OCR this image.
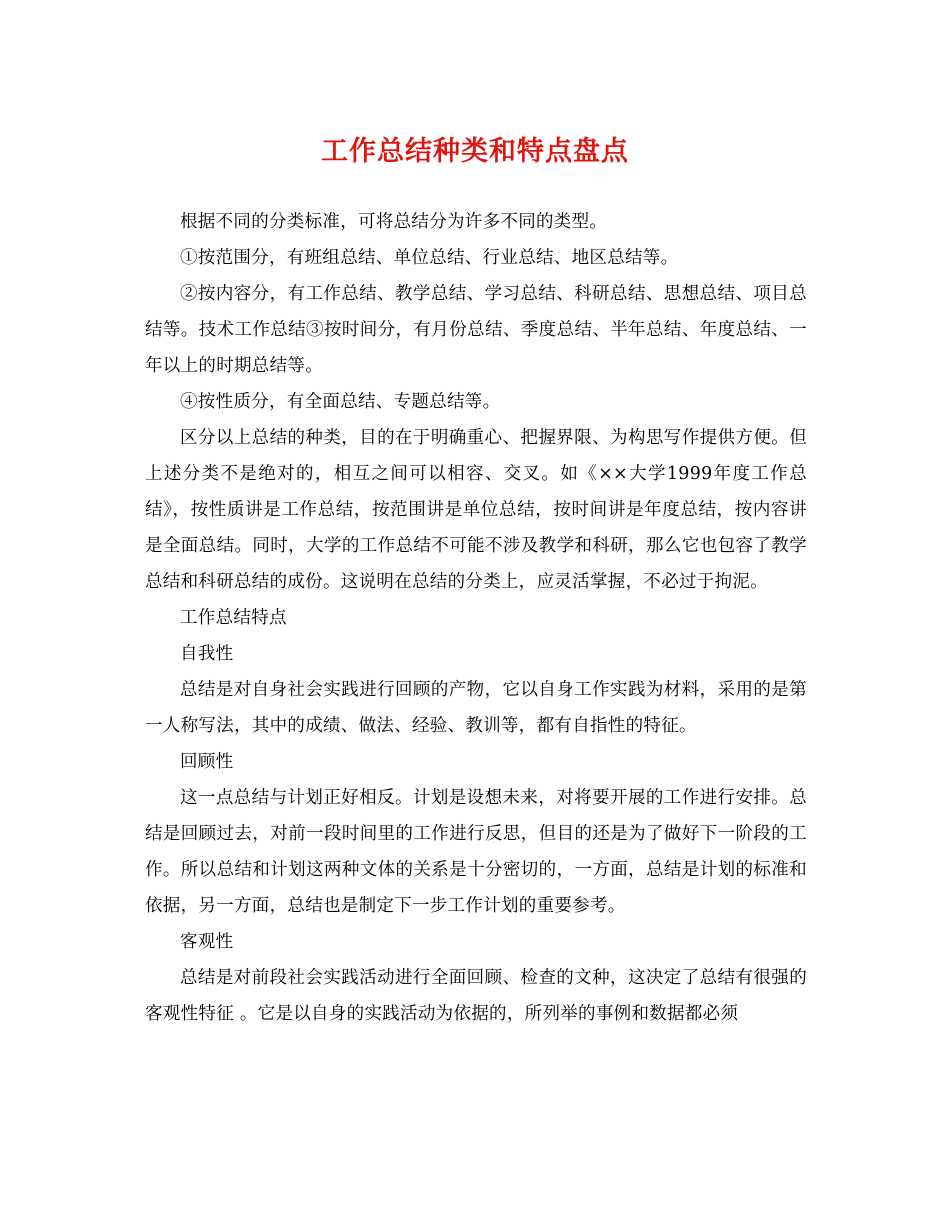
工作总结种类和特点盘点

根据不同的分类标准，可将总结分为许多不同的类型。

①按范围分，有班组总结、单位总结、行业总结、地区总结等。

②按内容分，有工作总结、教学总结、学习总结、科研总结、思想总结、项目总结等。技术工作总结③按时间分，有月份总结、季度总结、半年总结、年度总结、一年以上的时期总结等。

④按性质分，有全面总结、专题总结等。

区分以上总结的种类，目的在于明确重心、把握界限、为构思写作提供方便。但上述分类不是绝对的，相互之间可以相容、交叉。如《××大学1999年度工作总结》，按性质讲是工作总结，按范围讲是单位总结，按时间讲是年度总结，按内容讲是全面总结。同时，大学的工作总结不可能不涉及教学和科研，那么它也包容了教学总结和科研总结的成份。这说明在总结的分类上，应灵活掌握，不必过于拘泥。

工作总结特点

自我性

总结是对自身社会实践进行回顾的产物，它以自身工作实践为材料，采用的是第一人称写法，其中的成绩、做法、经验、教训等，都有自指性的特征。

回顾性

这一点总结与计划正好相反。计划是设想未来，对将要开展的工作进行安排。总结是回顾过去，对前一段时间里的工作进行反思，但目的还是为了做好下一阶段的工作。所以总结和计划这两种文体的关系是十分密切的，一方面，总结是计划的标准和依据，另一方面，总结也是制定下一步工作计划的重要参考。

客观性

总结是对前段社会实践活动进行全面回顾、检查的文种，这决定了总结有很强的客观性特征 。它是以自身的实践活动为依据的，所列举的事例和数据都必须
